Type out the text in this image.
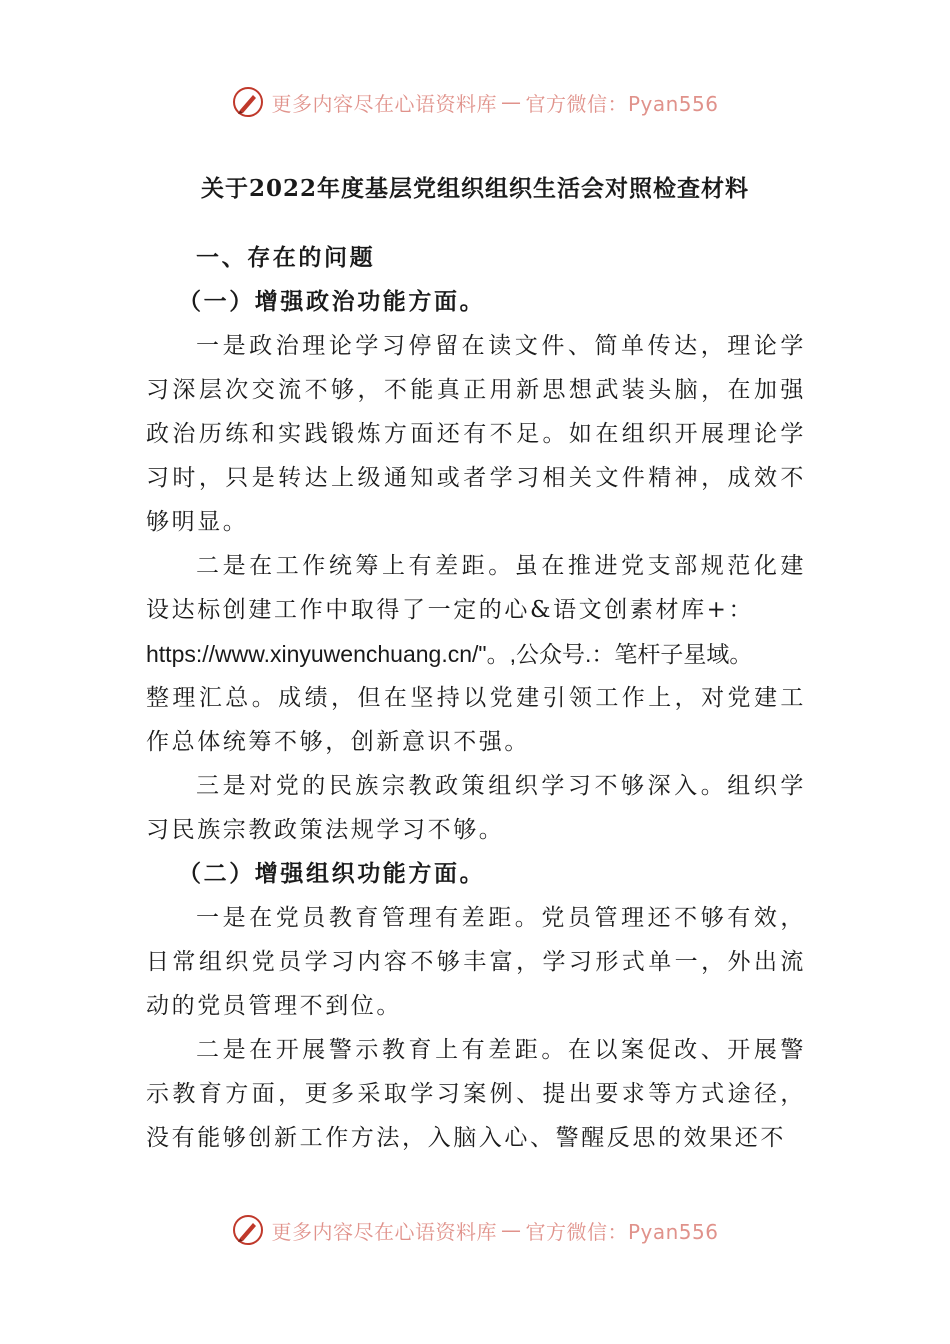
更多内容尽在心语资料库 — 官方微信：Pyan556
关于2022年度基层党组织组织生活会对照检查材料

一、存在的问题

（一）增强政治功能方面。

一是政治理论学习停留在读文件、简单传达，理论学习深层次交流不够，不能真正用新思想武装头脑，在加强政治历练和实践锻炼方面还有不足。如在组织开展理论学习时，只是转达上级通知或者学习相关文件精神，成效不够明显。

二是在工作统筹上有差距。虽在推进党支部规范化建设达标创建工作中取得了一定的心&语文创素材库+：

https://www.xinyuwenchuang.cn/"。,公众号.：笔杆子星域。

整理汇总。成绩，但在坚持以党建引领工作上，对党建工作总体统筹不够，创新意识不强。

三是对党的民族宗教政策组织学习不够深入。组织学习民族宗教政策法规学习不够。

（二）增强组织功能方面。

一是在党员教育管理有差距。党员管理还不够有效，日常组织党员学习内容不够丰富，学习形式单一，外出流动的党员管理不到位。

二是在开展警示教育上有差距。在以案促改、开展警示教育方面，更多采取学习案例、提出要求等方式途径，没有能够创新工作方法，入脑入心、警醒反思的效果还不

更多内容尽在心语资料库 — 官方微信：Pyan556
